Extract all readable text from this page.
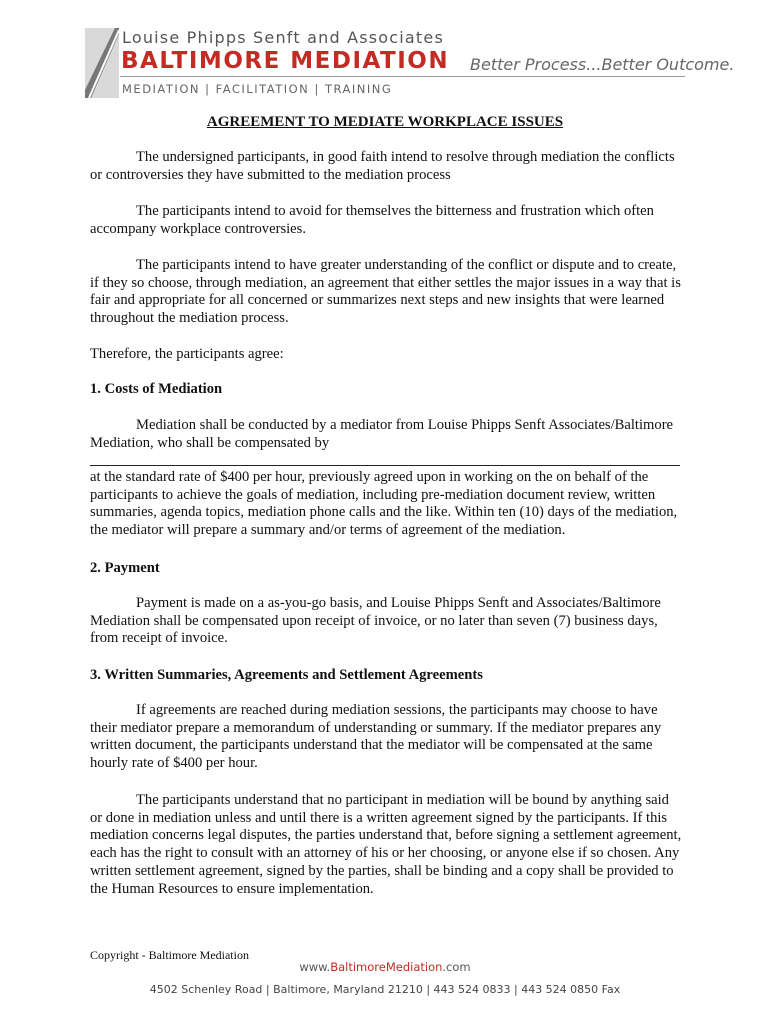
Louise Phipps Senft and Associates
BALTIMORE MEDIATION Better Process...Better Outcome.
MEDIATION | FACILITATION | TRAINING
AGREEMENT TO MEDIATE WORKPLACE ISSUES

The undersigned participants, in good faith intend to resolve through mediation the conflicts or controversies they have submitted to the mediation process

The participants intend to avoid for themselves the bitterness and frustration which often accompany workplace controversies.

The participants intend to have greater understanding of the conflict or dispute and to create, if they so choose, through mediation, an agreement that either settles the major issues in a way that is fair and appropriate for all concerned or summarizes next steps and new insights that were learned throughout the mediation process.

Therefore, the participants agree:

1. Costs of Mediation

Mediation shall be conducted by a mediator from Louise Phipps Senft Associates/Baltimore Mediation, who shall be compensated by

at the standard rate of $400 per hour, previously agreed upon in working on the on behalf of the participants to achieve the goals of mediation, including pre-mediation document review, written summaries, agenda topics, mediation phone calls and the like. Within ten (10) days of the mediation, the mediator will prepare a summary and/or terms of agreement of the mediation.

2. Payment

Payment is made on a as-you-go basis, and Louise Phipps Senft and Associates/Baltimore Mediation shall be compensated upon receipt of invoice, or no later than seven (7) business days, from receipt of invoice.

3. Written Summaries, Agreements and Settlement Agreements

If agreements are reached during mediation sessions, the participants may choose to have their mediator prepare a memorandum of understanding or summary. If the mediator prepares any written document, the participants understand that the mediator will be compensated at the same hourly rate of $400 per hour.

The participants understand that no participant in mediation will be bound by anything said or done in mediation unless and until there is a written agreement signed by the participants. If this mediation concerns legal disputes, the parties understand that, before signing a settlement agreement, each has the right to consult with an attorney of his or her choosing, or anyone else if so chosen. Any written settlement agreement, signed by the parties, shall be binding and a copy shall be provided to the Human Resources to ensure implementation.

Copyright - Baltimore Mediation
www.BaltimoreMediation.com
4502 Schenley Road | Baltimore, Maryland 21210 | 443 524 0833 | 443 524 0850 Fax
